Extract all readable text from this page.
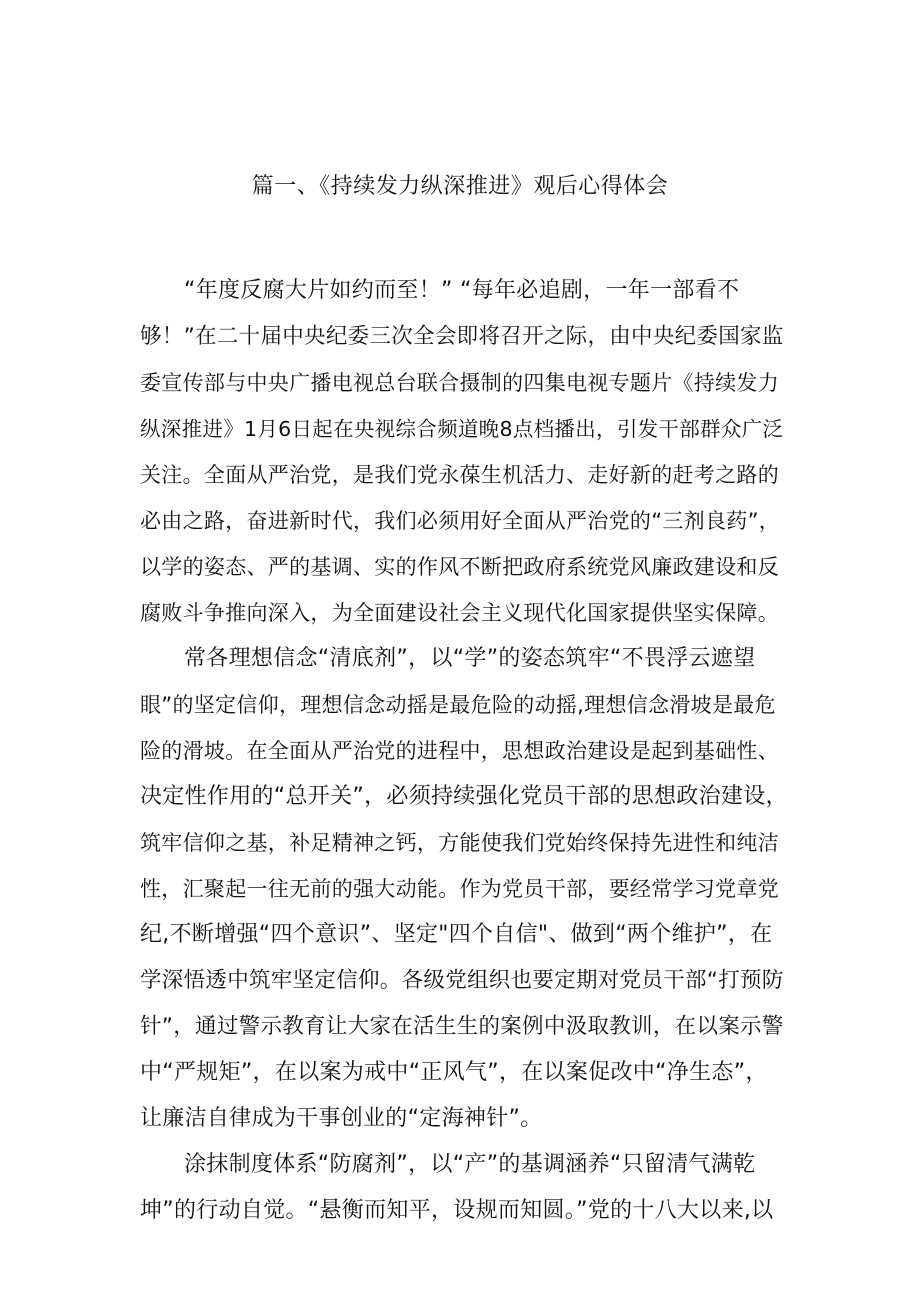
篇一、《持续发力纵深推进》观后心得体会
“年度反腐大片如约而至！” “每年必追剧，一年一部看不
够！”在二十届中央纪委三次全会即将召开之际，由中央纪委国家监
委宣传部与中央广播电视总台联合摄制的四集电视专题片《持续发力
纵深推进》1月6日起在央视综合频道晚8点档播出，引发干部群众广泛
关注。全面从严治党，是我们党永葆生机活力、走好新的赶考之路的
必由之路，奋进新时代，我们必须用好全面从严治党的“三剂良药”，
以学的姿态、严的基调、实的作风不断把政府系统党风廉政建设和反
腐败斗争推向深入，为全面建设社会主义现代化国家提供坚实保障。
常各理想信念“清底剂”，以“学”的姿态筑牢“不畏浮云遮望
眼”的坚定信仰，理想信念动摇是最危险的动摇,理想信念滑坡是最危
险的滑坡。在全面从严治党的进程中，思想政治建设是起到基础性、
决定性作用的“总开关”，必须持续强化党员干部的思想政治建设，
筑牢信仰之基，补足精神之钙，方能使我们党始终保持先进性和纯洁
性，汇聚起一往无前的强大动能。作为党员干部，要经常学习党章党
纪,不断增强“四个意识”、坚定"四个自信"、做到“两个维护”，在
学深悟透中筑牢坚定信仰。各级党组织也要定期对党员干部“打预防
针”，通过警示教育让大家在活生生的案例中汲取教训，在以案示警
中“严规矩”，在以案为戒中“正风气”，在以案促改中“净生态”，
让廉洁自律成为干事创业的“定海神针”。
涂抹制度体系“防腐剂”，以“产”的基调涵养“只留清气满乾
坤”的行动自觉。“悬衡而知平，设规而知圆。”党的十八大以来,以
